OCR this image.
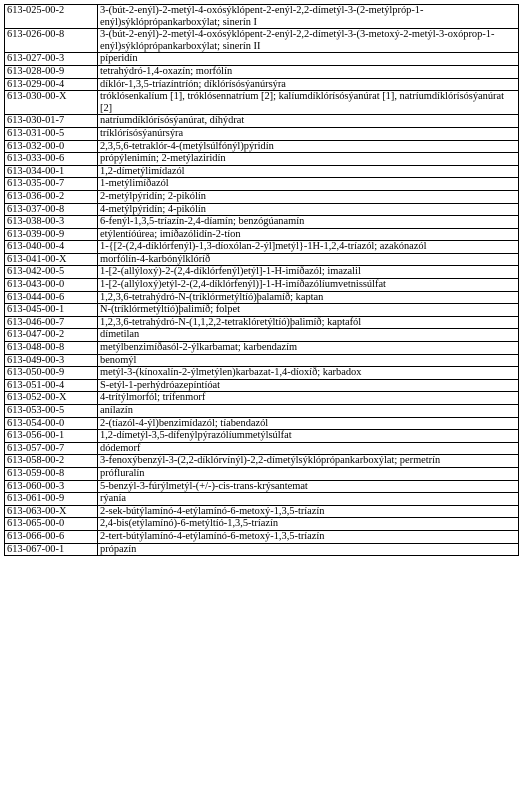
613-025-00-2	3-(bút-2-enýl)-2-metýl-4-oxósýklópent-2-enýl-2,2-dímetýl-3-(2-metýlpróp-1-enýl)sýklóprópankarboxýlat; sinerín I
613-026-00-8	3-(bút-2-enýl)-2-metýl-4-oxósýklópent-2-enýl-2,2-dímetýl-3-(3-metoxý-2-metýl-3-oxóprop-1-enýl)sýklóprópankarboxýlat; sinerín II
613-027-00-3	píperidín
613-028-00-9	tetrahýdró-1,4-oxazín; morfólín
613-029-00-4	díklór-1,3,5-tríazíntríón; díklórísósýanúrsýra
613-030-00-X	tróklósenkalíum [1], tróklósennatríum [2]; kalíumdíklórísósýanúrat [1], natríumdíklórísósýanúrat [2]
613-030-01-7	natríumdíklórísósýanúrat, díhýdrat
613-031-00-5	tríklórísósýanúrsýra
613-032-00-0	2,3,5,6-tetraklór-4-(metýlsúlfónýl)pýridín
613-033-00-6	própýlenimín; 2-metýlaziridín
613-034-00-1	1,2-dímetýlimídazól
613-035-00-7	1-metýlimíðazól
613-036-00-2	2-metýlpýridín; 2-pikólín
613-037-00-8	4-metýlpýridín; 4-pikólín
613-038-00-3	6-fenýl-1,3,5-tríazín-2,4-díamín; benzógúanamín
613-039-00-9	etýlentíóúrea; imíðazólidín-2-tíon
613-040-00-4	1-{[2-(2,4-díklórfenýl)-1,3-díoxólan-2-ýl]metýl}-1H-1,2,4-tríazól; azakónazól
613-041-00-X	morfólín-4-karbónýlklóríð
613-042-00-5	1-[2-(allýloxý)-2-(2,4-díklórfenýl)etýl]-1-H-imíðazól; imazalil
613-043-00-0	1-[2-(allýloxý)etýl-2-(2,4-díklórfenýl)]-1-H-imíðazólíumvetnissúlfat
613-044-00-6	1,2,3,6-tetrahýdró-N-(tríklórmetýltíó)þalamíð; kaptan
613-045-00-1	N-(tríklórmetýltíó)þalimíð; folpet
613-046-00-7	1,2,3,6-tetrahýdró-N-(1,1,2,2-tetraklóretýltíó)þalimíð; kaptafól
613-047-00-2	dímetilan
613-048-00-8	metýlbenzimíðasól-2-ýlkarbamat; karbendazím
613-049-00-3	benomýl
613-050-00-9	metýl-3-(kínoxalín-2-ýlmetýlen)karbazat-1,4-díoxíð; karbadox
613-051-00-4	S-etýl-1-perhýdróazepíntíóat
613-052-00-X	4-trítýlmorfól; trífenmorf
613-053-00-5	anílazín
613-054-00-0	2-(tíazól-4-ýl)benzimídazól; tíabendazól
613-056-00-1	1,2-dímetýl-3,5-dífenýlpýrazólíummetýlsúlfat
613-057-00-7	dódemorf
613-058-00-2	3-fenoxýbenzýl-3-(2,2-díklórvínýl)-2,2-dímetýlsýklóprópankarboxýlat; permetrín
613-059-00-8	prófluralín
613-060-00-3	5-benzýl-3-fúrýlmetýl-(+/-)-cis-trans-krýsantemat
613-061-00-9	rýanía
613-063-00-X	2-sek-bútýlamínó-4-etýlamínó-6-metoxý-1,3,5-tríazín
613-065-00-0	2,4-bis(etýlamínó)-6-metýltíó-1,3,5-tríazín
613-066-00-6	2-tert-bútýlamínó-4-etýlamínó-6-metoxý-1,3,5-tríazín
613-067-00-1	própazín
